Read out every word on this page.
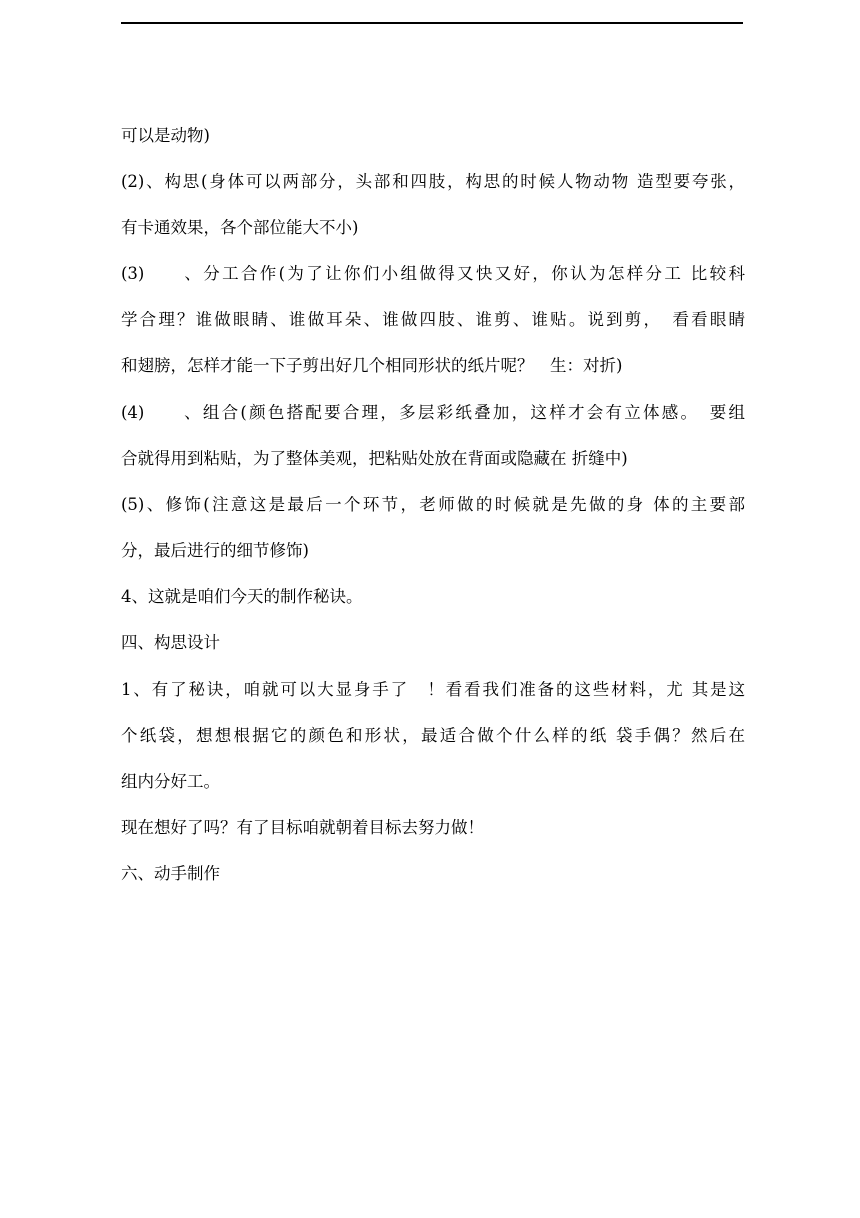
可以是动物)
(2)、构思(身体可以两部分，头部和四肢，构思的时候人物动物 造型要夸张，
有卡通效果，各个部位能大不小)
(3)　　、分工合作(为了让你们小组做得又快又好，你认为怎样分工 比较科
学合理？谁做眼睛、谁做耳朵、谁做四肢、谁剪、谁贴。说到剪，　看看眼睛
和翅膀，怎样才能一下子剪出好几个相同形状的纸片呢？　生：对折)
(4)　　、组合(颜色搭配要合理，多层彩纸叠加，这样才会有立体感。　要组
合就得用到粘贴，为了整体美观，把粘贴处放在背面或隐藏在 折缝中)
(5)、修饰(注意这是最后一个环节，老师做的时候就是先做的身 体的主要部
分，最后进行的细节修饰)
4、这就是咱们今天的制作秘诀。
四、构思设计
1、有了秘诀，咱就可以大显身手了　！看看我们准备的这些材料，尤 其是这
个纸袋，想想根据它的颜色和形状，最适合做个什么样的纸 袋手偶？然后在
组内分好工。
现在想好了吗？有了目标咱就朝着目标去努力做！
六、动手制作
